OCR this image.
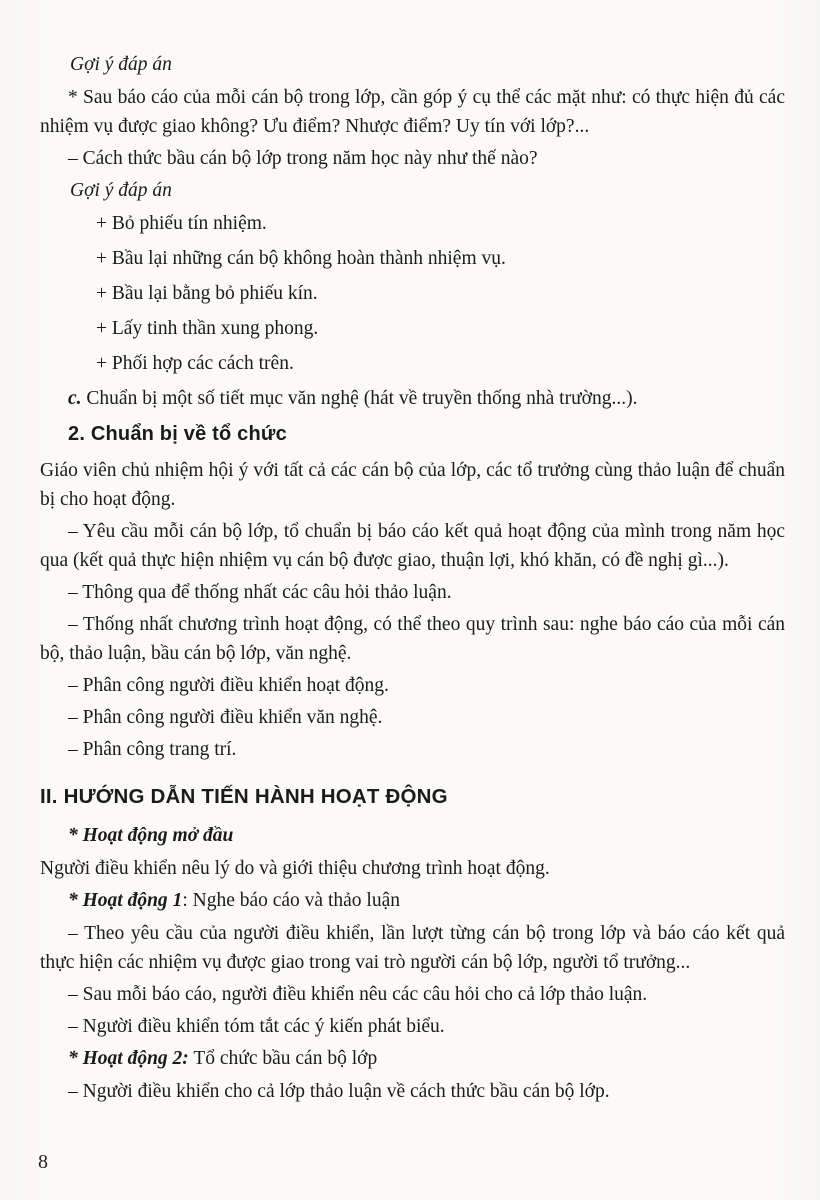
Gợi ý đáp án

* Sau báo cáo của mỗi cán bộ trong lớp, cần góp ý cụ thể các mặt như: có thực hiện đủ các nhiệm vụ được giao không? Ưu điểm? Nhược điểm? Uy tín với lớp?...

– Cách thức bầu cán bộ lớp trong năm học này như thế nào?

Gợi ý đáp án

+ Bỏ phiếu tín nhiệm.

+ Bầu lại những cán bộ không hoàn thành nhiệm vụ.

+ Bầu lại bằng bỏ phiếu kín.

+ Lấy tinh thần xung phong.

+ Phối hợp các cách trên.

c. Chuẩn bị một số tiết mục văn nghệ (hát về truyền thống nhà trường...).

2. Chuẩn bị về tổ chức

Giáo viên chủ nhiệm hội ý với tất cả các cán bộ của lớp, các tổ trưởng cùng thảo luận để chuẩn bị cho hoạt động.

– Yêu cầu mỗi cán bộ lớp, tổ chuẩn bị báo cáo kết quả hoạt động của mình trong năm học qua (kết quả thực hiện nhiệm vụ cán bộ được giao, thuận lợi, khó khăn, có đề nghị gì...).

– Thông qua để thống nhất các câu hỏi thảo luận.

– Thống nhất chương trình hoạt động, có thể theo quy trình sau: nghe báo cáo của mỗi cán bộ, thảo luận, bầu cán bộ lớp, văn nghệ.

– Phân công người điều khiển hoạt động.

– Phân công người điều khiển văn nghệ.

– Phân công trang trí.

II. HƯỚNG DẪN TIẾN HÀNH HOẠT ĐỘNG

* Hoạt động mở đầu

Người điều khiển nêu lý do và giới thiệu chương trình hoạt động.

* Hoạt động 1: Nghe báo cáo và thảo luận

– Theo yêu cầu của người điều khiển, lần lượt từng cán bộ trong lớp và báo cáo kết quả thực hiện các nhiệm vụ được giao trong vai trò người cán bộ lớp, người tổ trưởng...

– Sau mỗi báo cáo, người điều khiển nêu các câu hỏi cho cả lớp thảo luận.

– Người điều khiển tóm tắt các ý kiến phát biểu.

* Hoạt động 2: Tổ chức bầu cán bộ lớp

– Người điều khiển cho cả lớp thảo luận về cách thức bầu cán bộ lớp.

8
